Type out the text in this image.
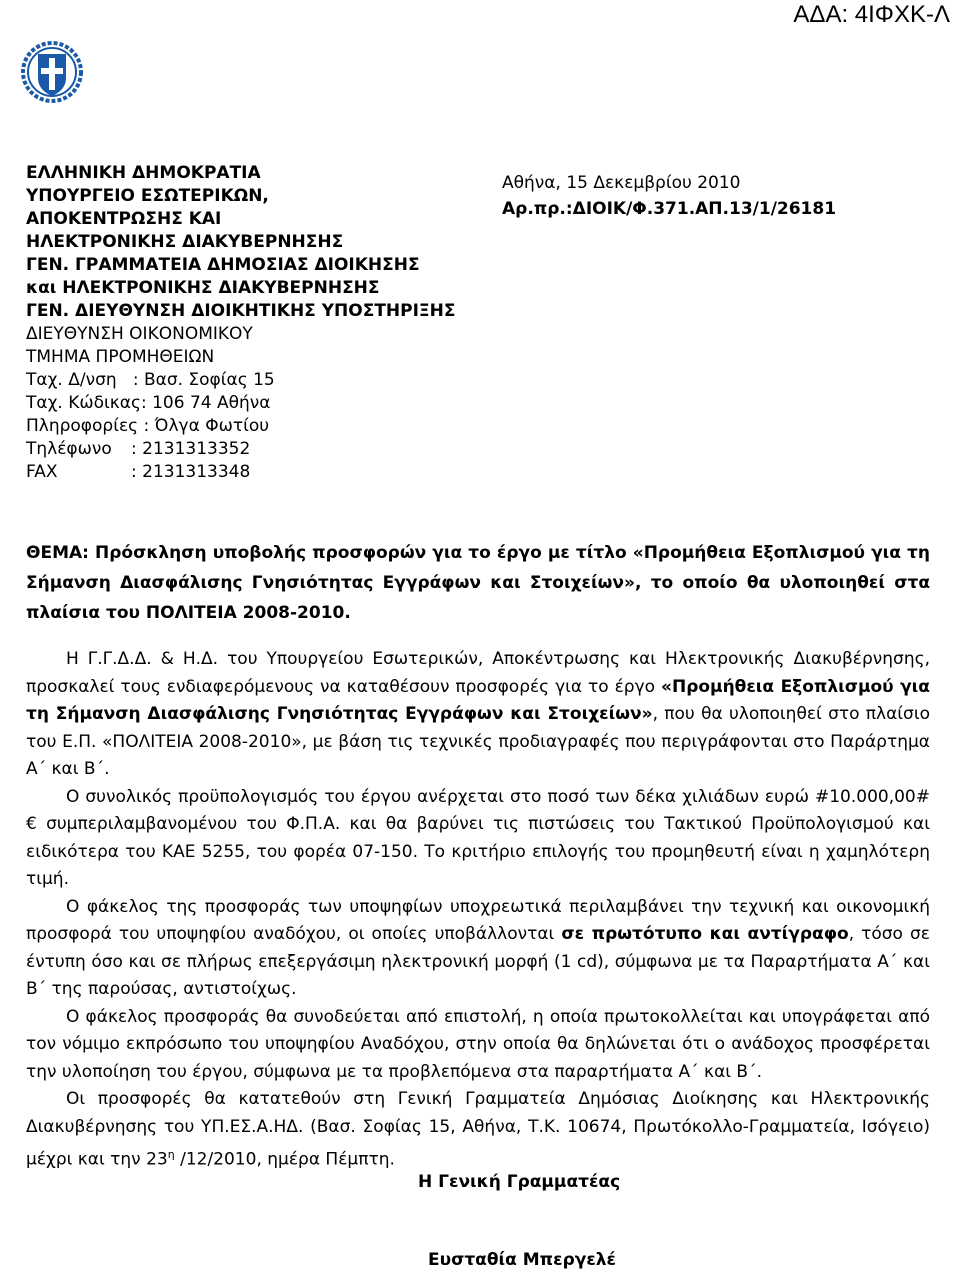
ΑΔΑ: 4ΙΦΧΚ-Λ
ΕΛΛΗΝΙΚΗ ΔΗΜΟΚΡΑΤΙΑ
ΥΠΟΥΡΓΕΙΟ ΕΣΩΤΕΡΙΚΩΝ,
ΑΠΟΚΕΝΤΡΩΣΗΣ ΚΑΙ
ΗΛΕΚΤΡΟΝΙΚΗΣ ΔΙΑΚΥΒΕΡΝΗΣΗΣ
ΓΕΝ. ΓΡΑΜΜΑΤΕΙΑ ΔΗΜΟΣΙΑΣ ΔΙΟΙΚΗΣΗΣ
και ΗΛΕΚΤΡΟΝΙΚΗΣ ΔΙΑΚΥΒΕΡΝΗΣΗΣ
ΓΕΝ. ΔΙΕΥΘΥΝΣΗ ΔΙΟΙΚΗΤΙΚΗΣ ΥΠΟΣΤΗΡΙΞΗΣ
ΔΙΕΥΘΥΝΣΗ ΟΙΚΟΝΟΜΙΚΟΥ
ΤΜΗΜΑ ΠΡΟΜΗΘΕΙΩΝ
Ταχ. Δ/νση   : Βασ. Σοφίας 15
Ταχ. Κώδικας: 106 74 Αθήνα
Πληροφορίες : Όλγα Φωτίου
Τηλέφωνο : 2131313352
FAX	: 2131313348
Αθήνα, 15 Δεκεμβρίου 2010
Αρ.πρ.:ΔΙΟΙΚ/Φ.371.ΑΠ.13/1/26181
ΘΕΜΑ: Πρόσκληση υποβολής προσφορών για το έργο με τίτλο «Προμήθεια Εξοπλισμού για τη Σήμανση Διασφάλισης Γνησιότητας Εγγράφων και Στοιχείων», το οποίο θα υλοποιηθεί στα πλαίσια του ΠΟΛΙΤΕΙΑ 2008-2010.

Η Γ.Γ.Δ.Δ. & Η.Δ. του Υπουργείου Εσωτερικών, Αποκέντρωσης και Ηλεκτρονικής Διακυβέρνησης, προσκαλεί τους ενδιαφερόμενους να καταθέσουν προσφορές για το έργο «Προμήθεια Εξοπλισμού για τη Σήμανση Διασφάλισης Γνησιότητας Εγγράφων και Στοιχείων», που θα υλοποιηθεί στο πλαίσιο του Ε.Π. «ΠΟΛΙΤΕΙΑ 2008-2010», με βάση τις τεχνικές προδιαγραφές που περιγράφονται στο Παράρτημα Α΄ και Β΄.

Ο συνολικός προϋπολογισμός του έργου ανέρχεται στο ποσό των δέκα χιλιάδων ευρώ #10.000,00# € συμπεριλαμβανομένου του Φ.Π.Α. και θα βαρύνει τις πιστώσεις του Τακτικού Προϋπολογισμού και ειδικότερα του ΚΑΕ 5255, του φορέα 07-150. Το κριτήριο επιλογής του προμηθευτή είναι η χαμηλότερη τιμή.

Ο φάκελος της προσφοράς των υποψηφίων υποχρεωτικά περιλαμβάνει την τεχνική και οικονομική προσφορά του υποψηφίου αναδόχου, οι οποίες υποβάλλονται σε πρωτότυπο και αντίγραφο, τόσο σε έντυπη όσο και σε πλήρως επεξεργάσιμη ηλεκτρονική μορφή (1 cd), σύμφωνα με τα Παραρτήματα Α΄ και Β΄ της παρούσας, αντιστοίχως.

Ο φάκελος προσφοράς θα συνοδεύεται από επιστολή, η οποία πρωτοκολλείται και υπογράφεται από τον νόμιμο εκπρόσωπο του υποψηφίου Αναδόχου, στην οποία θα δηλώνεται ότι ο ανάδοχος προσφέρεται την υλοποίηση του έργου, σύμφωνα με τα προβλεπόμενα στα παραρτήματα Α΄ και Β΄.

Οι προσφορές θα κατατεθούν στη Γενική Γραμματεία Δημόσιας Διοίκησης και Ηλεκτρονικής Διακυβέρνησης του ΥΠ.ΕΣ.Α.ΗΔ. (Βασ. Σοφίας 15, Αθήνα, Τ.Κ. 10674, Πρωτόκολλο-Γραμματεία, Ισόγειο) μέχρι και την $23^\eta$ /12/2010, ημέρα Πέμπτη.

Η Γενική Γραμματέας
Ευσταθία Μπεργελέ
